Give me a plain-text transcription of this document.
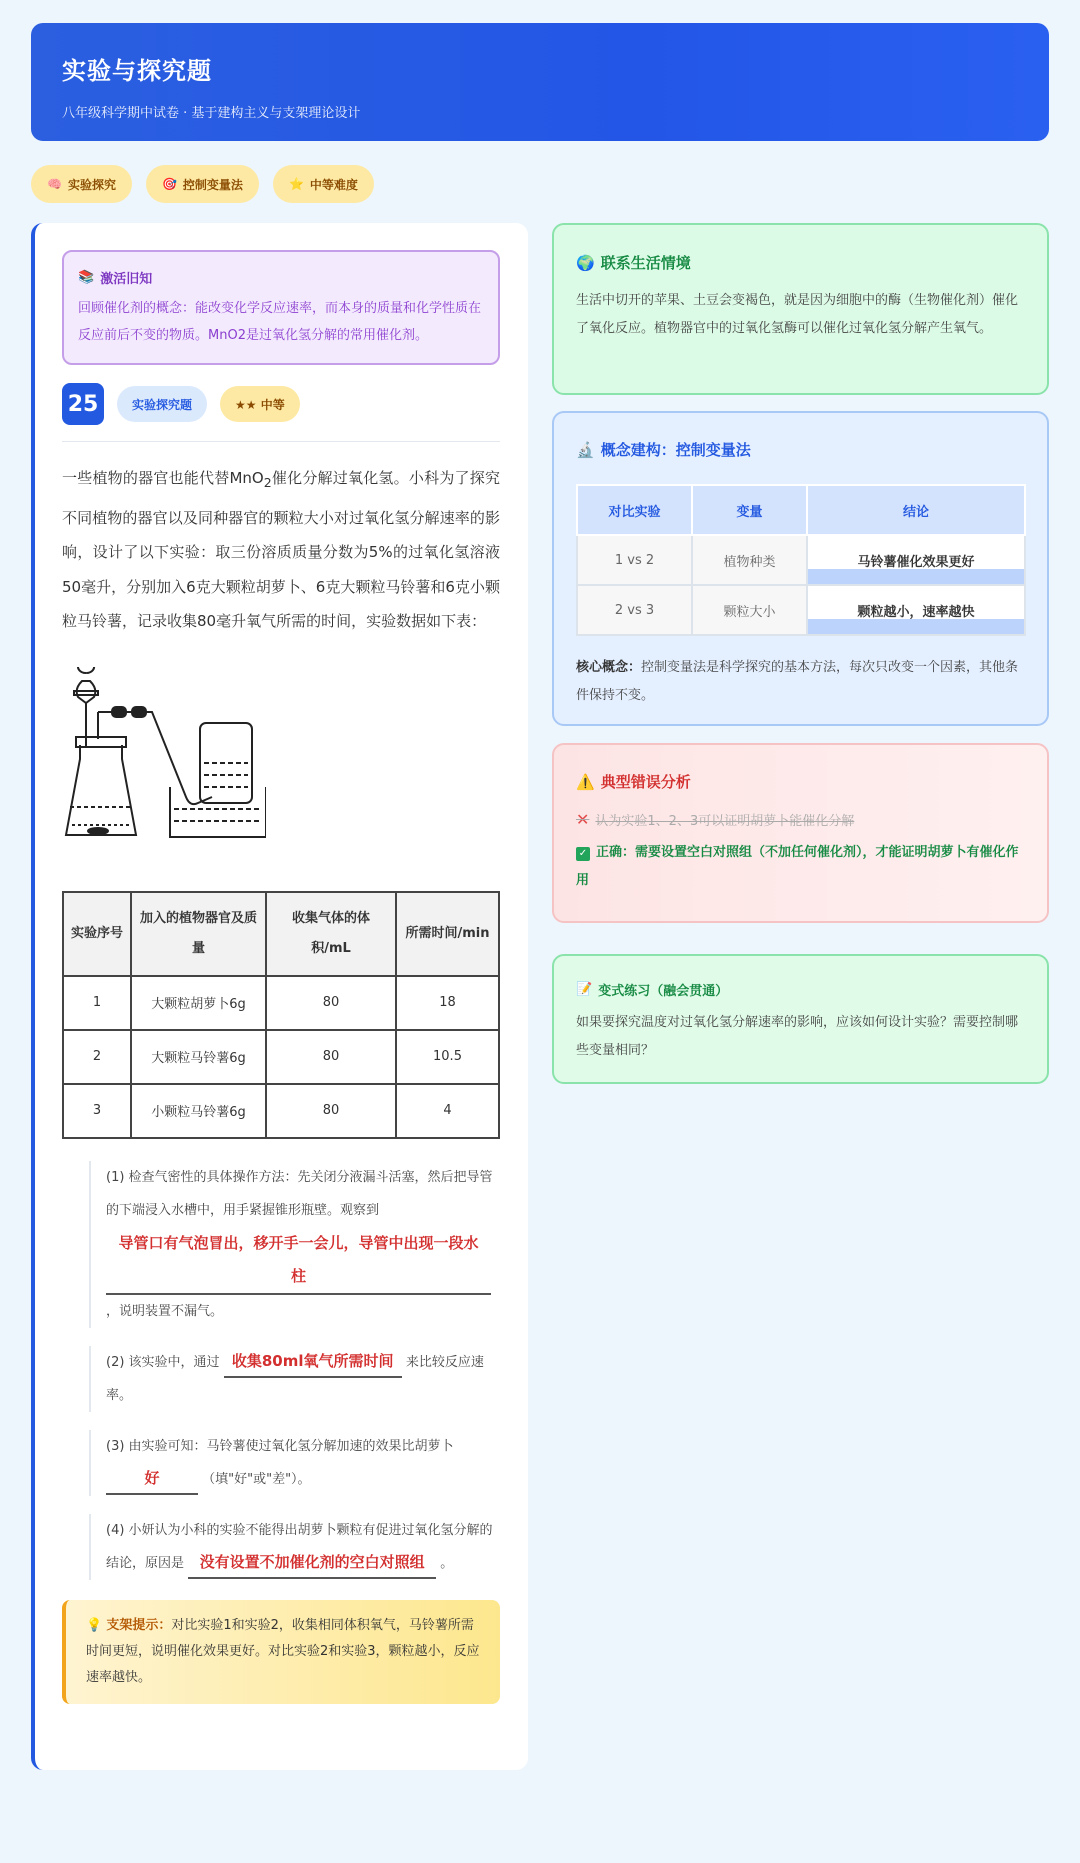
实验与探究题
八年级科学期中试卷 · 基于建构主义与支架理论设计
🧠 实验探究	🎯 控制变量法	⭐ 中等难度
📚 激活旧知
回顾催化剂的概念：能改变化学反应速率，而本身的质量和化学性质在反应前后不变的物质。MnO2是过氧化氢分解的常用催化剂。
25	实验探究题	★★ 中等
一些植物的器官也能代替MnO$_2$催化分解过氧化氢。小科为了探究不同植物的器官以及同种器官的颗粒大小对过氧化氢分解速率的影响，设计了以下实验：取三份溶质质量分数为5%的过氧化氢溶液50毫升，分别加入6克大颗粒胡萝卜、6克大颗粒马铃薯和6克小颗粒马铃薯，记录收集80毫升氧气所需的时间，实验数据如下表：
实验序号	加入的植物器官及质量	收集气体的体积/mL	所需时间/min
1	大颗粒胡萝卜6g	80	18
2	大颗粒马铃薯6g	80	10.5
3	小颗粒马铃薯6g	80	4
(1) 检查气密性的具体操作方法：先关闭分液漏斗活塞，然后把导管的下端浸入水槽中，用手紧握锥形瓶壁。观察到
导管口有气泡冒出，移开手一会儿，导管中出现一段水柱
，说明装置不漏气。
(2) 该实验中，通过 收集80ml氧气所需时间 来比较反应速率。
(3) 由实验可知：马铃薯使过氧化氢分解加速的效果比胡萝卜
好	（填"好"或"差"）。
(4) 小妍认为小科的实验不能得出胡萝卜颗粒有促进过氧化氢分解的结论，原因是 没有设置不加催化剂的空白对照组 。
💡 支架提示：对比实验1和实验2，收集相同体积氧气，马铃薯所需时间更短，说明催化效果更好。对比实验2和实验3，颗粒越小，反应速率越快。
🌍 联系生活情境
生活中切开的苹果、土豆会变褐色，就是因为细胞中的酶（生物催化剂）催化了氧化反应。植物器官中的过氧化氢酶可以催化过氧化氢分解产生氧气。
🔬 概念建构：控制变量法
对比实验	变量	结论
1 vs 2	植物种类	马铃薯催化效果更好
2 vs 3	颗粒大小	颗粒越小，速率越快
核心概念：控制变量法是科学探究的基本方法，每次只改变一个因素，其他条件保持不变。
⚠️ 典型错误分析
✕ 认为实验1、2、3可以证明胡萝卜能催化分解
✓ 正确：需要设置空白对照组（不加任何催化剂），才能证明胡萝卜有催化作用
📝 变式练习（融会贯通）
如果要探究温度对过氧化氢分解速率的影响，应该如何设计实验？需要控制哪些变量相同？
